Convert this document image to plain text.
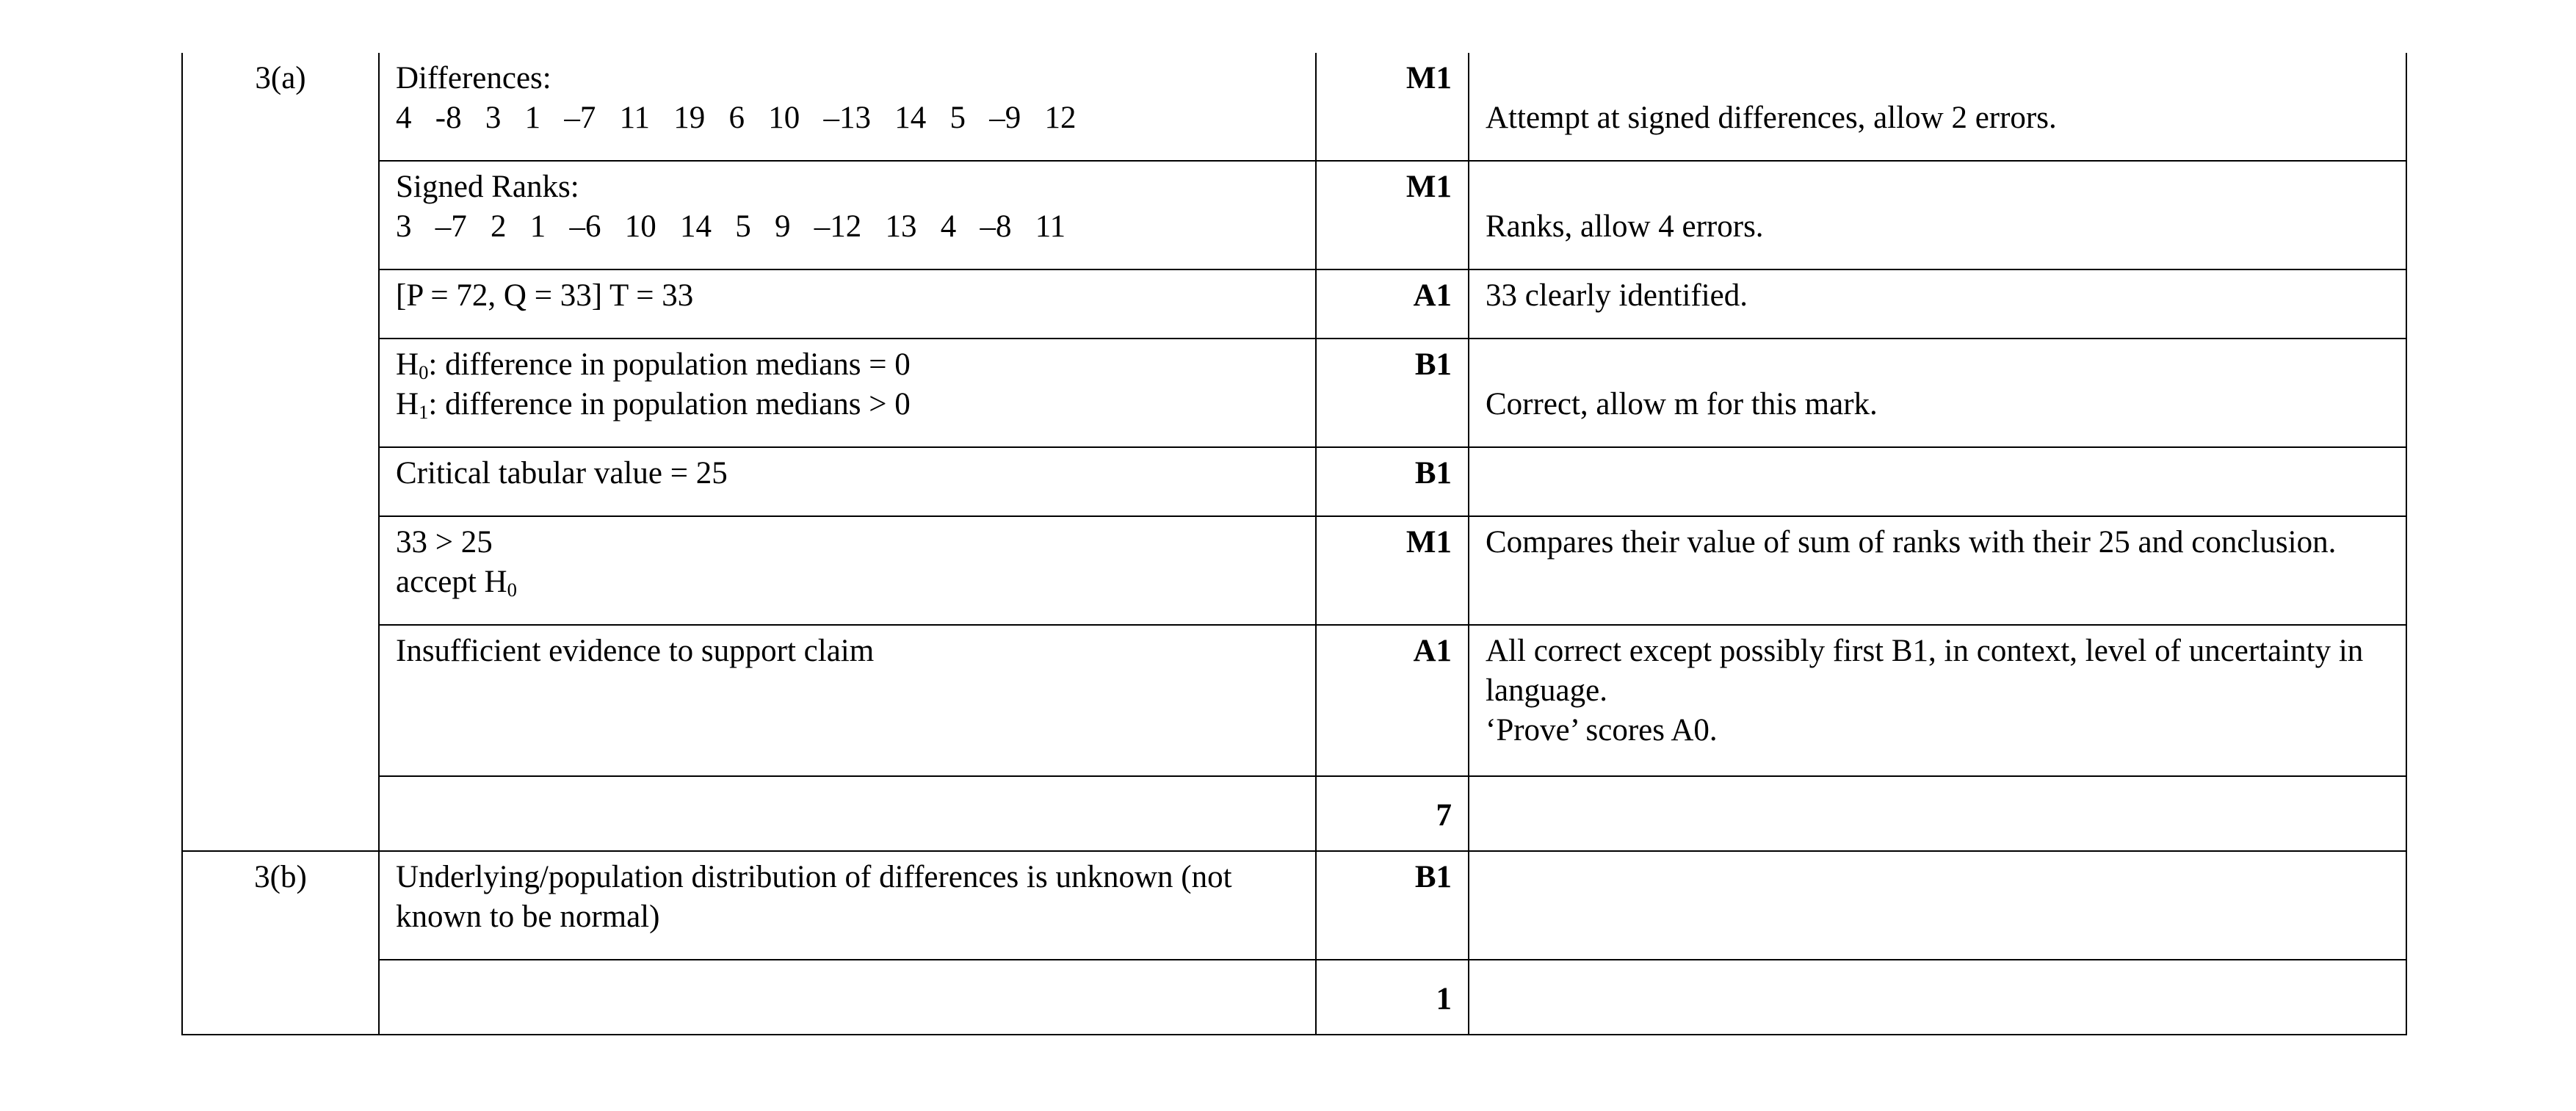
3(a)	Differences:
4   -8   3   1   –7   11   19   6   10   –13   14   5   –9   12	M1	Attempt at signed differences, allow 2 errors.

	Signed Ranks:
3   –7   2   1   –6   10   14   5   9   –12   13   4   –8   11	M1	Ranks, allow 4 errors.

	[P = 72, Q = 33] T = 33	A1	33 clearly identified.

	$H_0$: difference in population medians = 0
$H_1$: difference in population medians > 0	B1	Correct, allow m for this mark.

	Critical tabular value = 25	B1	

	33 > 25
accept $H_0$	M1	Compares their value of sum of ranks with their 25 and conclusion.

	Insufficient evidence to support claim	A1	All correct except possibly first B1, in context, level of uncertainty in language.
‘Prove’ scores A0.

		7	
3(b)	Underlying/population distribution of differences is unknown (not known to be normal)	B1	
		1	
